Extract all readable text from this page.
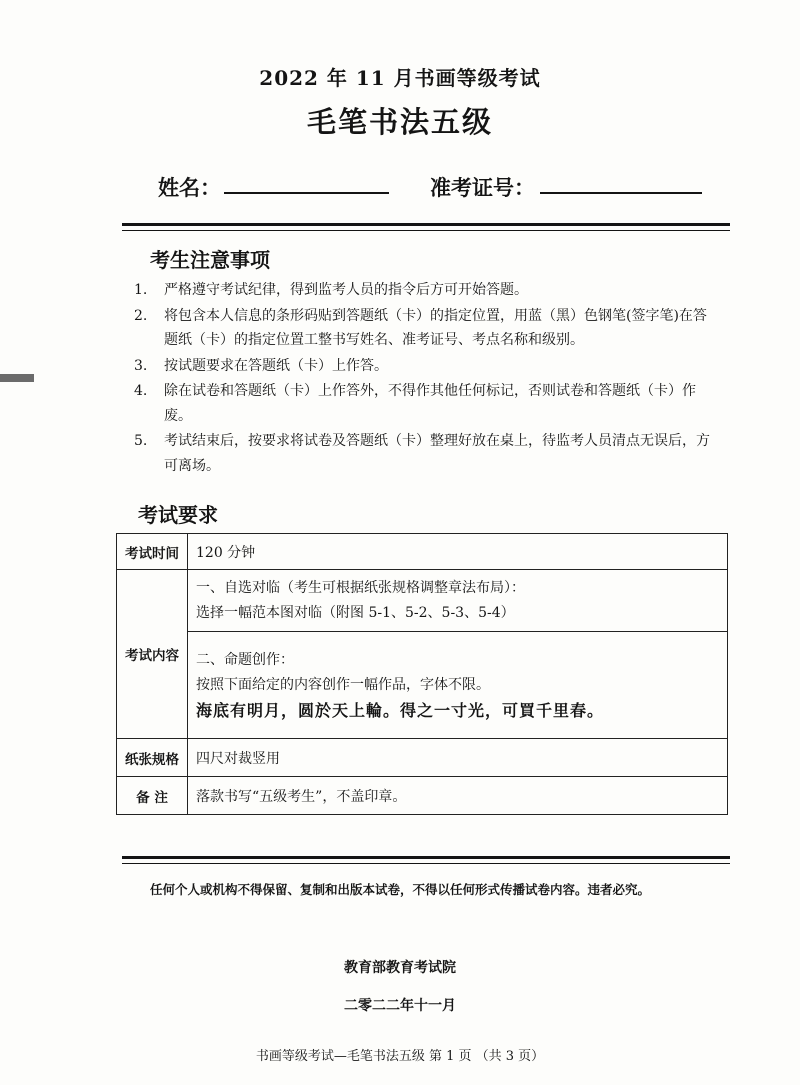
2022 年 11 月书画等级考试
毛笔书法五级
姓名：	准考证号：
考生注意事项
1. 严格遵守考试纪律，得到监考人员的指令后方可开始答题。
2. 将包含本人信息的条形码贴到答题纸（卡）的指定位置，用蓝（黑）色钢笔(签字笔)在答题纸（卡）的指定位置工整书写姓名、准考证号、考点名称和级别。
3. 按试题要求在答题纸（卡）上作答。
4. 除在试卷和答题纸（卡）上作答外，不得作其他任何标记，否则试卷和答题纸（卡）作废。
5. 考试结束后，按要求将试卷及答题纸（卡）整理好放在桌上，待监考人员清点无误后，方可离场。
考试要求
考试时间	120 分钟
考试内容	一、自选对临（考生可根据纸张规格调整章法布局）：
选择一幅范本图对临（附图 5-1、5-2、5-3、5-4）

	二、命题创作：
按照下面给定的内容创作一幅作品，字体不限。
海底有明月，圆於天上輪。得之一寸光，可買千里春。

纸张规格	四尺对裁竖用
备 注	落款书写“五级考生”，不盖印章。
任何个人或机构不得保留、复制和出版本试卷，不得以任何形式传播试卷内容。违者必究。
教育部教育考试院
二零二二年十一月
书画等级考试—毛笔书法五级 第 1 页 （共 3 页）
